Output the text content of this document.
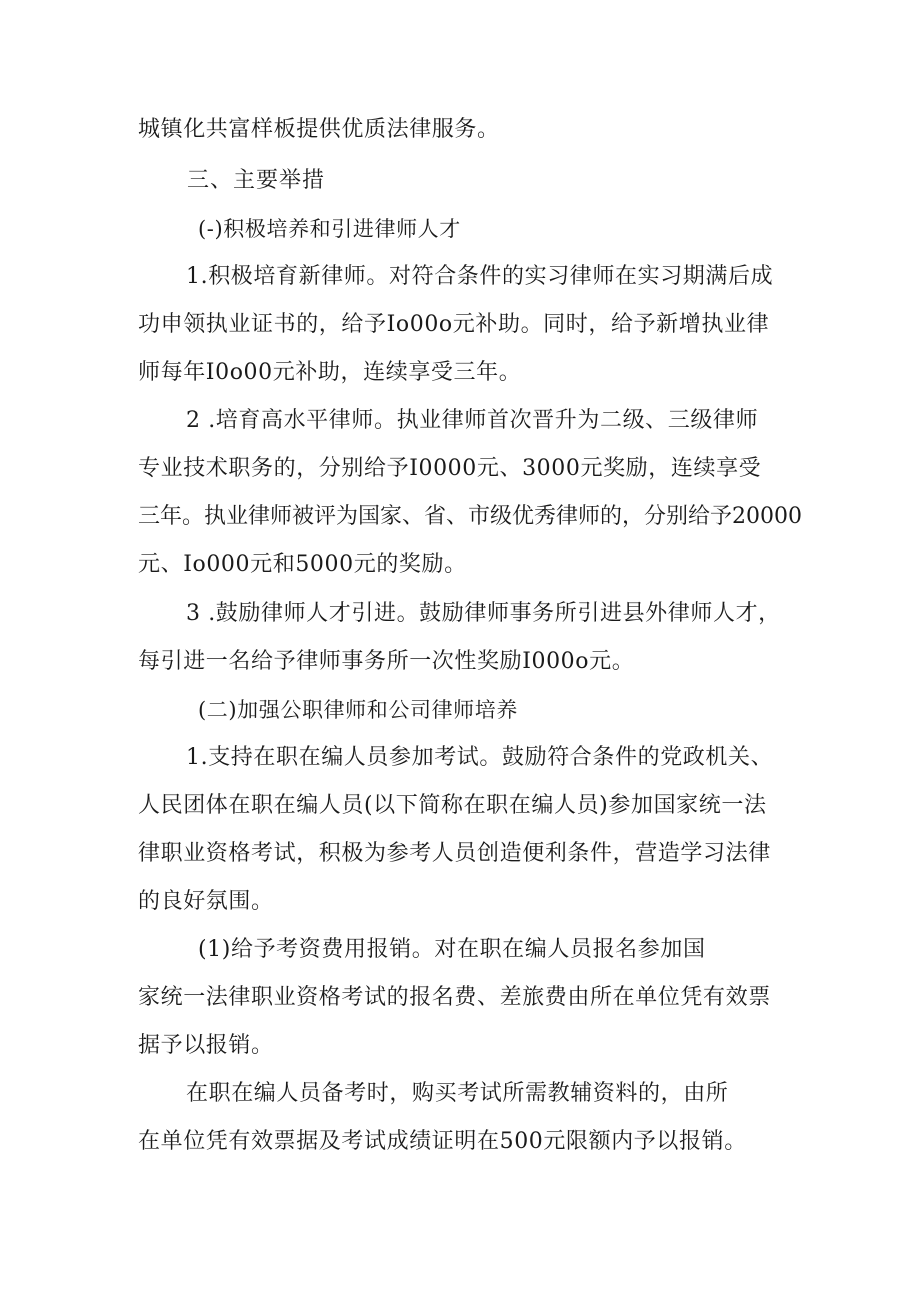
城镇化共富样板提供优质法律服务。
三、主要举措
(-)积极培养和引进律师人才
1.积极培育新律师。对符合条件的实习律师在实习期满后成
功申领执业证书的，给予Io00o元补助。同时，给予新增执业律
师每年I0o00元补助，连续享受三年。
2 .培育高水平律师。执业律师首次晋升为二级、三级律师
专业技术职务的，分别给予I0000元、3000元奖励，连续享受
三年。执业律师被评为国家、省、市级优秀律师的，分别给予20000
元、Io000元和5000元的奖励。
3 .鼓励律师人才引进。鼓励律师事务所引进县外律师人才，
每引进一名给予律师事务所一次性奖励I000o元。
(二)加强公职律师和公司律师培养
1.支持在职在编人员参加考试。鼓励符合条件的党政机关、
人民团体在职在编人员(以下简称在职在编人员)参加国家统一法
律职业资格考试，积极为参考人员创造便利条件，营造学习法律
的良好氛围。
(1)给予考资费用报销。对在职在编人员报名参加国
家统一法律职业资格考试的报名费、差旅费由所在单位凭有效票
据予以报销。
在职在编人员备考时，购买考试所需教辅资料的，由所
在单位凭有效票据及考试成绩证明在500元限额内予以报销。
